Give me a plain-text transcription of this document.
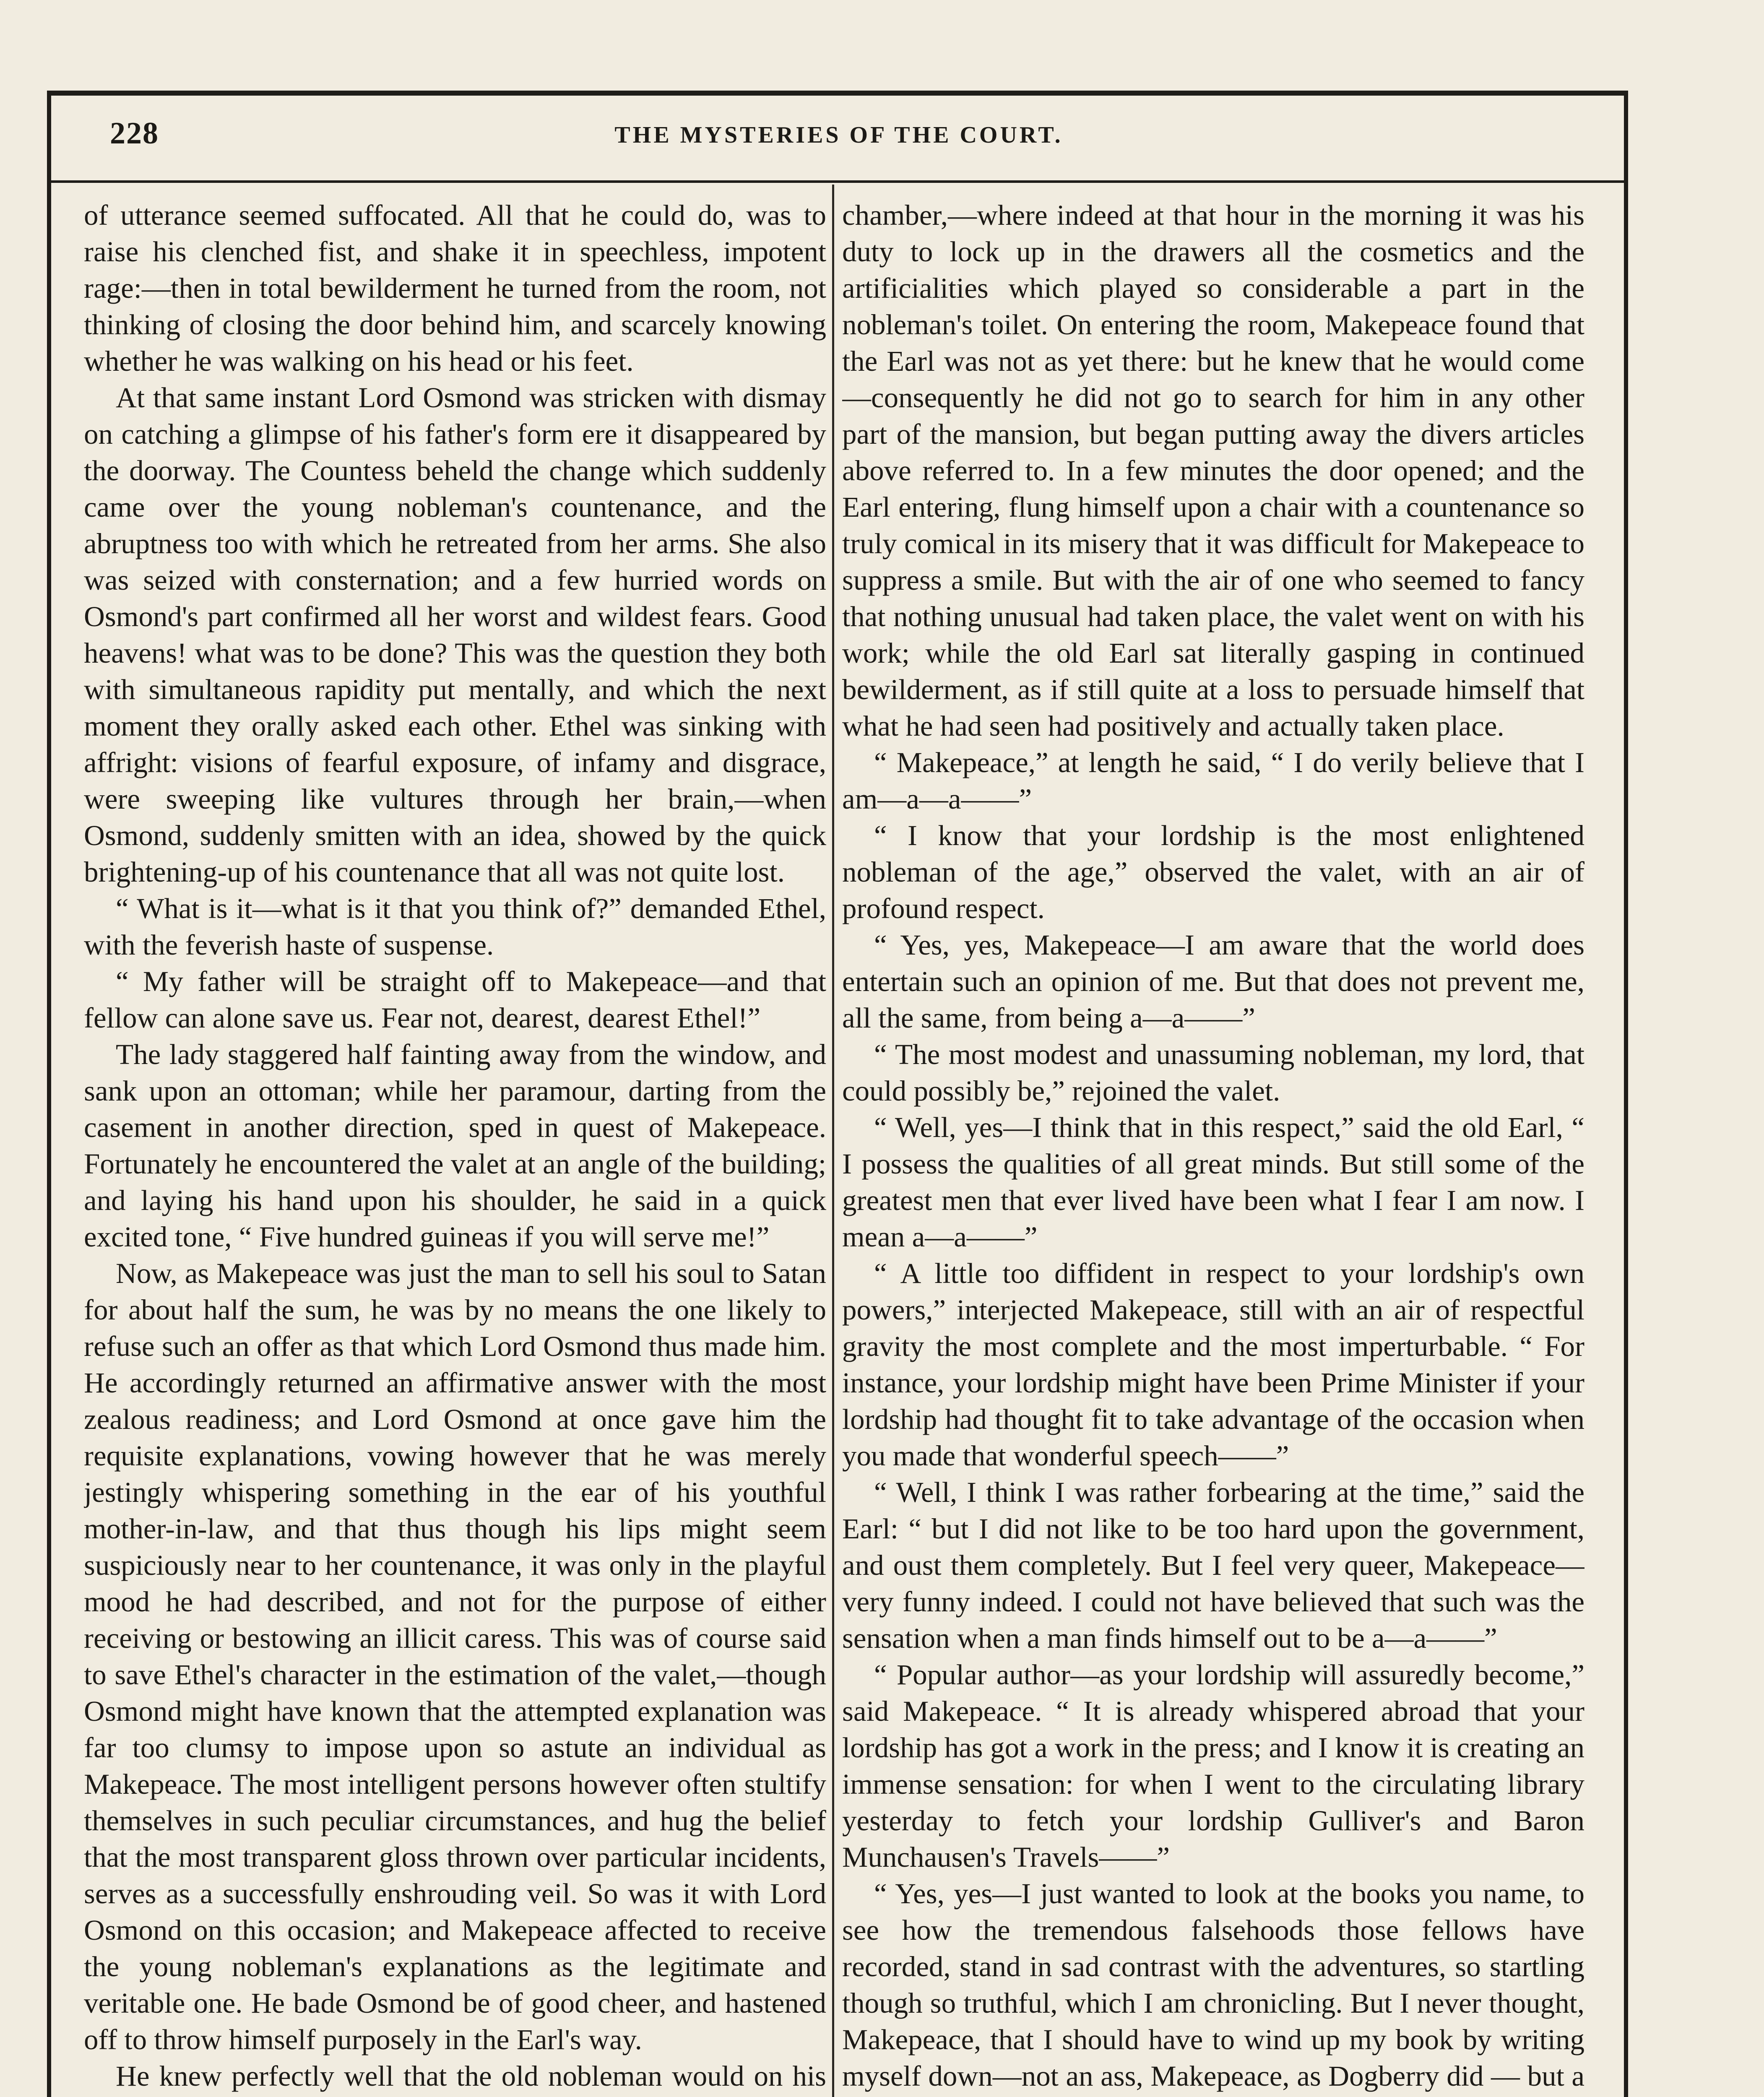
228	THE MYSTERIES OF THE COURT.

of utterance seemed suffocated. All that he could do, was to raise his clenched fist, and shake it in speechless, impotent rage:—then in total bewilderment he turned from the room, not thinking of closing the door behind him, and scarcely knowing whether he was walking on his head or his feet.

At that same instant Lord Osmond was stricken with dismay on catching a glimpse of his father's form ere it disappeared by the doorway. The Countess beheld the change which suddenly came over the young nobleman's countenance, and the abruptness too with which he retreated from her arms. She also was seized with consternation; and a few hurried words on Osmond's part confirmed all her worst and wildest fears. Good heavens! what was to be done? This was the question they both with simultaneous rapidity put mentally, and which the next moment they orally asked each other. Ethel was sinking with affright: visions of fearful exposure, of infamy and disgrace, were sweeping like vultures through her brain,—when Osmond, suddenly smitten with an idea, showed by the quick brightening-up of his countenance that all was not quite lost.

“ What is it—what is it that you think of?” demanded Ethel, with the feverish haste of suspense.

“ My father will be straight off to Makepeace—and that fellow can alone save us. Fear not, dearest, dearest Ethel!”

The lady staggered half fainting away from the window, and sank upon an ottoman; while her paramour, darting from the casement in another direction, sped in quest of Makepeace. Fortunately he encountered the valet at an angle of the building; and laying his hand upon his shoulder, he said in a quick excited tone, “ Five hundred guineas if you will serve me!”

Now, as Makepeace was just the man to sell his soul to Satan for about half the sum, he was by no means the one likely to refuse such an offer as that which Lord Osmond thus made him. He accordingly returned an affirmative answer with the most zealous readiness; and Lord Osmond at once gave him the requisite explanations, vowing however that he was merely jestingly whispering something in the ear of his youthful mother-in-law, and that thus though his lips might seem suspiciously near to her countenance, it was only in the playful mood he had described, and not for the purpose of either receiving or bestowing an illicit caress. This was of course said to save Ethel's character in the estimation of the valet,—though Osmond might have known that the attempted explanation was far too clumsy to impose upon so astute an individual as Makepeace. The most intelligent persons however often stultify themselves in such peculiar circumstances, and hug the belief that the most transparent gloss thrown over particular incidents, serves as a successfully enshrouding veil. So was it with Lord Osmond on this occasion; and Makepeace affected to receive the young nobleman's explanations as the legitimate and veritable one. He bade Osmond be of good cheer, and hastened off to throw himself purposely in the Earl's way.

He knew perfectly well that the old nobleman would on his

chamber,—where indeed at that hour in the morning it was his duty to lock up in the drawers all the cosmetics and the artificialities which played so considerable a part in the nobleman's toilet. On entering the room, Makepeace found that the Earl was not as yet there: but he knew that he would come—consequently he did not go to search for him in any other part of the mansion, but began putting away the divers articles above referred to. In a few minutes the door opened; and the Earl entering, flung himself upon a chair with a countenance so truly comical in its misery that it was difficult for Makepeace to suppress a smile. But with the air of one who seemed to fancy that nothing unusual had taken place, the valet went on with his work; while the old Earl sat literally gasping in continued bewilderment, as if still quite at a loss to persuade himself that what he had seen had positively and actually taken place.

“ Makepeace,” at length he said, “ I do verily believe that I am—a—a——”

“ I know that your lordship is the most enlightened nobleman of the age,” observed the valet, with an air of profound respect.

“ Yes, yes, Makepeace—I am aware that the world does entertain such an opinion of me. But that does not prevent me, all the same, from being a—a——”

“ The most modest and unassuming nobleman, my lord, that could possibly be,” rejoined the valet.

“ Well, yes—I think that in this respect,” said the old Earl, “ I possess the qualities of all great minds. But still some of the greatest men that ever lived have been what I fear I am now. I mean a—a——”

“ A little too diffident in respect to your lordship's own powers,” interjected Makepeace, still with an air of respectful gravity the most complete and the most imperturbable. “ For instance, your lordship might have been Prime Minister if your lordship had thought fit to take advantage of the occasion when you made that wonderful speech——”

“ Well, I think I was rather forbearing at the time,” said the Earl: “ but I did not like to be too hard upon the government, and oust them completely. But I feel very queer, Makepeace—very funny indeed. I could not have believed that such was the sensation when a man finds himself out to be a—a——”

“ Popular author—as your lordship will assuredly become,” said Makepeace. “ It is already whispered abroad that your lordship has got a work in the press; and I know it is creating an immense sensation: for when I went to the circulating library yesterday to fetch your lordship Gulliver's and Baron Munchausen's Travels——”

“ Yes, yes—I just wanted to look at the books you name, to see how the tremendous falsehoods those fellows have recorded, stand in sad contrast with the adventures, so startling though so truthful, which I am chronicling. But I never thought, Makepeace, that I should have to wind up my book by writing myself down—not an ass, Makepeace, as Dogberry did — but a
